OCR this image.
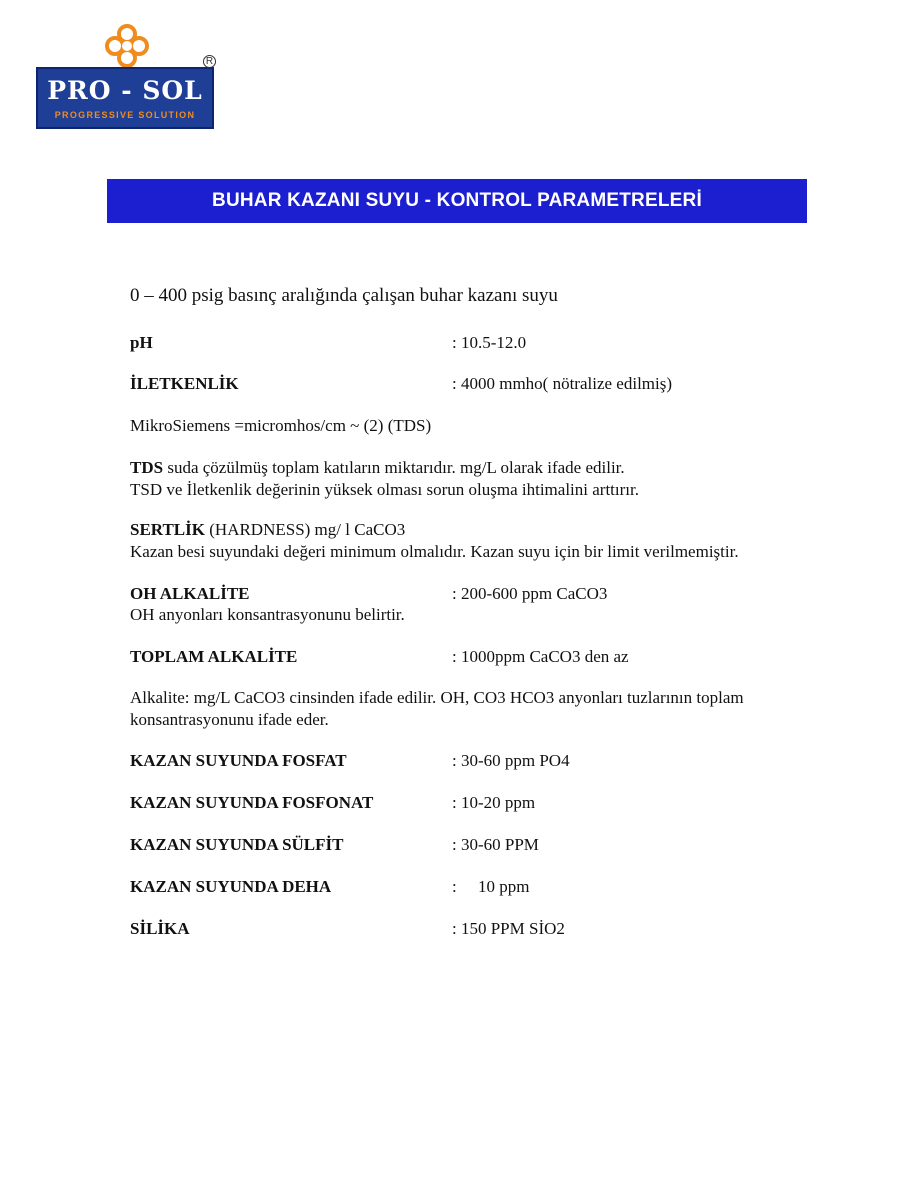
PRO - SOL
PROGRESSIVE SOLUTION
R
BUHAR KAZANI SUYU - KONTROL PARAMETRELERİ
0 – 400 psig basınç aralığında çalışan buhar kazanı suyu
pH	: 10.5-12.0
İLETKENLİK	: 4000 mmho( nötralize edilmiş)
MikroSiemens =micromhos/cm ~ (2) (TDS)
TDS suda çözülmüş toplam katıların miktarıdır. mg/L olarak ifade edilir.
TSD ve İletkenlik değerinin yüksek olması sorun oluşma ihtimalini arttırır.
SERTLİK (HARDNESS) mg/ l CaCO3
Kazan besi suyundaki değeri minimum olmalıdır. Kazan suyu için bir limit verilmemiştir.
OH ALKALİTE	: 200-600 ppm CaCO3
OH anyonları konsantrasyonunu belirtir.
TOPLAM ALKALİTE	: 1000ppm CaCO3 den az
Alkalite: mg/L CaCO3 cinsinden ifade edilir. OH, CO3 HCO3 anyonları tuzlarının toplam
konsantrasyonunu ifade eder.
KAZAN SUYUNDA FOSFAT	: 30-60 ppm PO4
KAZAN SUYUNDA FOSFONAT	: 10-20 ppm
KAZAN SUYUNDA SÜLFİT	: 30-60 PPM
KAZAN SUYUNDA DEHA	:     10 ppm
SİLİKA	: 150 PPM SİO2
